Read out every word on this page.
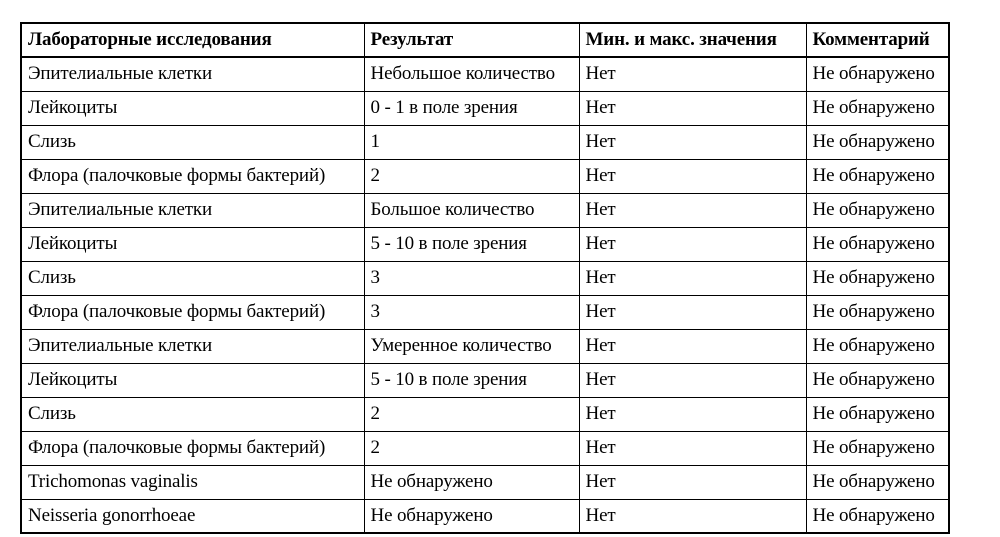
Лабораторные исследования	Результат	Мин. и макс. значения	Комментарий
Эпителиальные клетки	Небольшое количество	Нет	Не обнаружено
Лейкоциты	0 - 1 в поле зрения	Нет	Не обнаружено
Слизь	1	Нет	Не обнаружено
Флора (палочковые формы бактерий)	2	Нет	Не обнаружено
Эпителиальные клетки	Большое количество	Нет	Не обнаружено
Лейкоциты	5 - 10 в поле зрения	Нет	Не обнаружено
Слизь	3	Нет	Не обнаружено
Флора (палочковые формы бактерий)	3	Нет	Не обнаружено
Эпителиальные клетки	Умеренное количество	Нет	Не обнаружено
Лейкоциты	5 - 10 в поле зрения	Нет	Не обнаружено
Слизь	2	Нет	Не обнаружено
Флора (палочковые формы бактерий)	2	Нет	Не обнаружено
Trichomonas vaginalis	Не обнаружено	Нет	Не обнаружено
Neisseria gonorrhoeae	Не обнаружено	Нет	Не обнаружено
